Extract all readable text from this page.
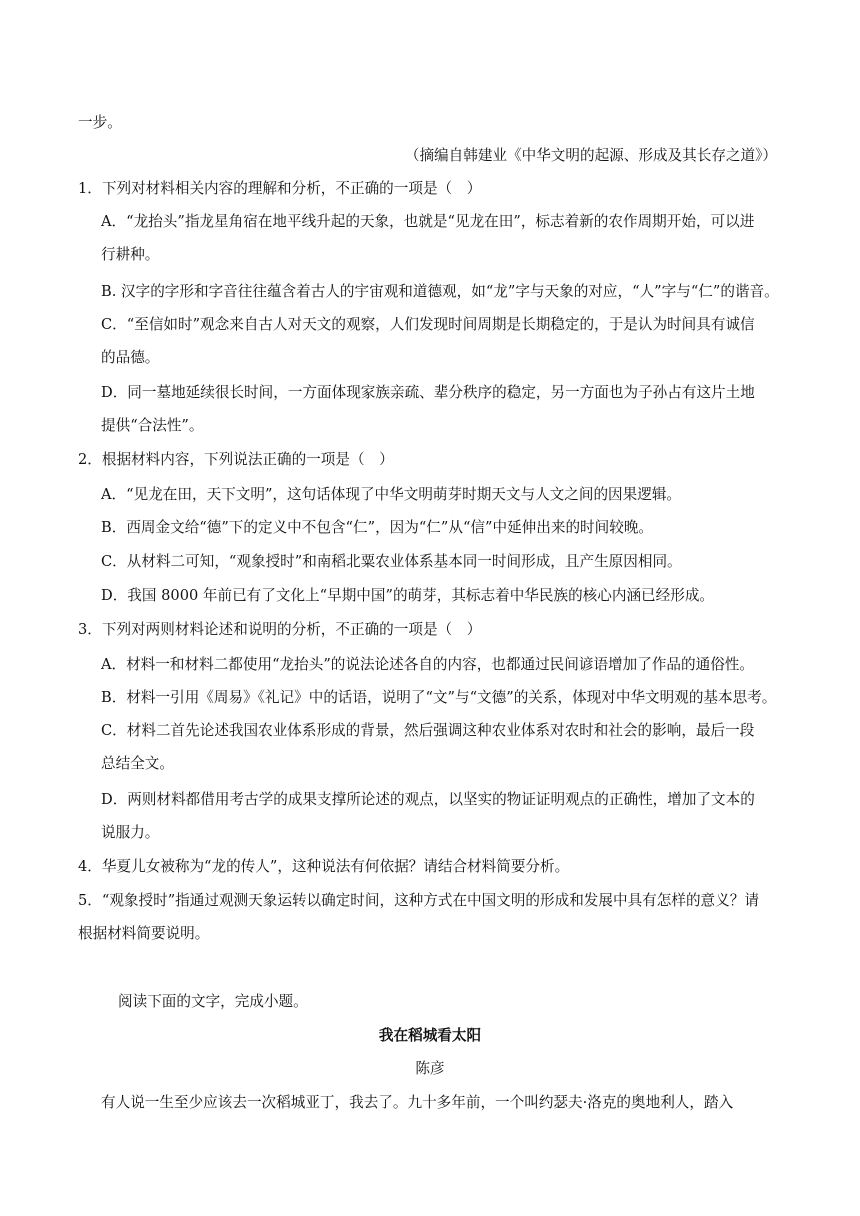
一步。
（摘编自韩建业《中华文明的起源、形成及其长存之道》）
1．下列对材料相关内容的理解和分析，不正确的一项是（　）
A．“龙抬头”指龙星角宿在地平线升起的天象，也就是“见龙在田”，标志着新的农作周期开始，可以进
行耕种。
B. 汉字的字形和字音往往蕴含着古人的宇宙观和道德观，如“龙”字与天象的对应，“人”字与“仁”的谐音。
C．“至信如时”观念来自古人对天文的观察，人们发现时间周期是长期稳定的，于是认为时间具有诚信
的品德。
D．同一墓地延续很长时间，一方面体现家族亲疏、辈分秩序的稳定，另一方面也为子孙占有这片土地
提供“合法性”。
2．根据材料内容，下列说法正确的一项是（　）
A．“见龙在田，天下文明”，这句话体现了中华文明萌芽时期天文与人文之间的因果逻辑。
B．西周金文给“德”下的定义中不包含“仁”，因为“仁”从“信”中延伸出来的时间较晚。
C．从材料二可知，“观象授时”和南稻北粟农业体系基本同一时间形成，且产生原因相同。
D．我国 8000 年前已有了文化上“早期中国”的萌芽，其标志着中华民族的核心内涵已经形成。
3．下列对两则材料论述和说明的分析，不正确的一项是（　）
A．材料一和材料二都使用“龙抬头”的说法论述各自的内容，也都通过民间谚语增加了作品的通俗性。
B．材料一引用《周易》《礼记》中的话语，说明了“文”与“文德”的关系，体现对中华文明观的基本思考。
C．材料二首先论述我国农业体系形成的背景，然后强调这种农业体系对农时和社会的影响，最后一段
总结全文。
D．两则材料都借用考古学的成果支撑所论述的观点，以坚实的物证证明观点的正确性，增加了文本的
说服力。
4．华夏儿女被称为“龙的传人”，这种说法有何依据？请结合材料简要分析。
5．“观象授时”指通过观测天象运转以确定时间，这种方式在中国文明的形成和发展中具有怎样的意义？请
根据材料简要说明。
阅读下面的文字，完成小题。
我在稻城看太阳
陈彦
有人说一生至少应该去一次稻城亚丁，我去了。九十多年前，一个叫约瑟夫·洛克的奥地利人，踏入
